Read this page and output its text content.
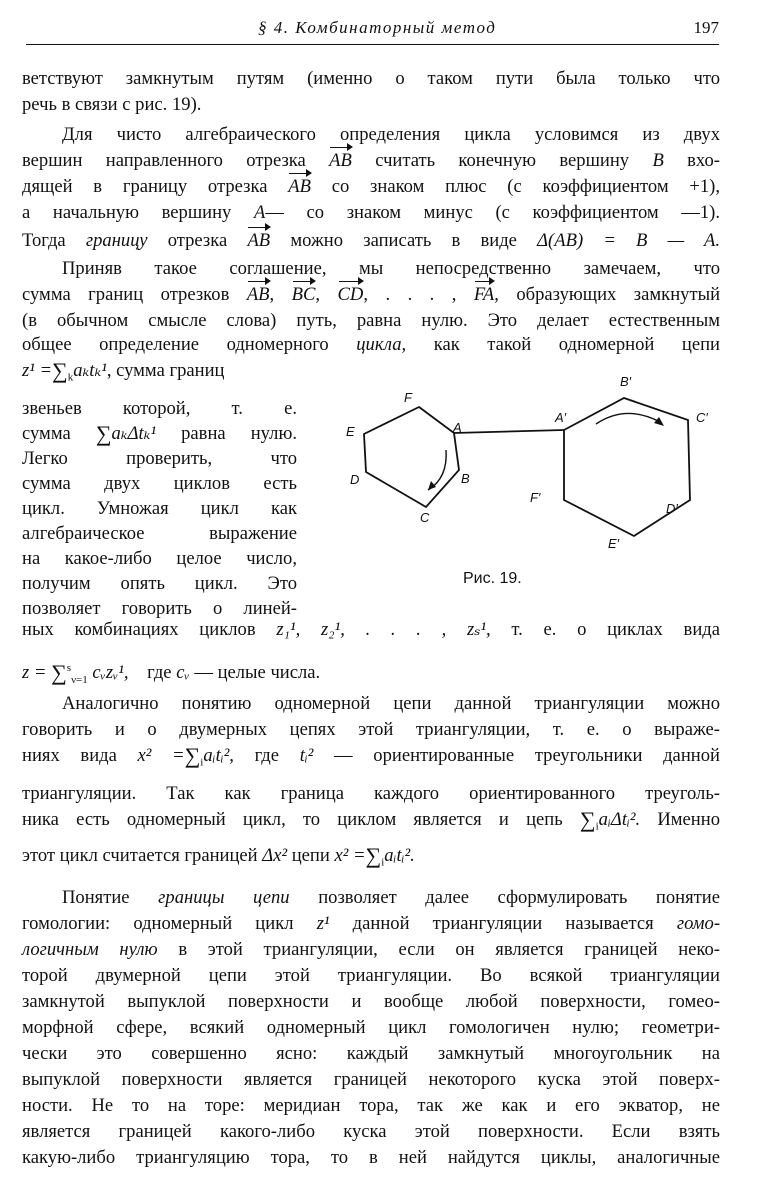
§ 4. Комбинаторный метод	197
ветствуют замкнутым путям (именно о таком пути была только что
речь в связи с рис. 19).
Для чисто алгебраического определения цикла условимся из двух
вершин направленного отрезка AB считать конечную вершину B вхо-
дящей в границу отрезка AB со знаком плюс (с коэффициентом +1),
а начальную вершину A— со знаком минус (с коэффициентом —1).
Тогда границу отрезка AB можно записать в виде Δ(AB) = B — A.
Приняв такое соглашение, мы непосредственно замечаем, что
сумма границ отрезков AB, BC, CD, . . . , FA, образующих замкнутый
(в обычном смысле слова) путь, равна нулю. Это делает естественным
общее определение одномерного цикла, как такой одномерной цепи
$z^1 =\sum_ka_kt_k^1$, сумма границ
звеньев которой, т. е.
сумма ∑aₖΔtₖ¹ равна нулю.
Легко проверить, что
сумма двух циклов есть
цикл. Умножая цикл как
алгебраическое выражение
на какое-либо целое число,
получим опять цикл. Это
позволяет говорить о линей-
F
A
B
C
D
E
A′
B′
C′
D′
E′
F′
Рис. 19.
ных комбинациях циклов z₁¹, z₂¹, . . . , zₛ¹, т. е. о циклах вида
z = ∑$^s_{\nu=1}$ cᵥzᵥ¹, где cᵥ — целые числа.
Аналогично понятию одномерной цепи данной триангуляции можно
говорить и о двумерных цепях этой триангуляции, т. е. о выраже-
ниях вида $x^2 =\sum_iaᵢtᵢ^2$, где tᵢ² — ориентированные треугольники данной
триангуляции. Так как граница каждого ориентированного треуголь-
ника есть одномерный цикл, то циклом является и цепь $\sum_iaᵢ\Delta tᵢ^2$. Именно
этот цикл считается границей Δx² цепи $x^2 =\sum_iaᵢtᵢ^2$.
Понятие границы цепи позволяет далее сформулировать понятие
гомологии: одномерный цикл z¹ данной триангуляции называется гомо-
логичным нулю в этой триангуляции, если он является границей неко-
торой двумерной цепи этой триангуляции. Во всякой триангуляции
замкнутой выпуклой поверхности и вообще любой поверхности, гомео-
морфной сфере, всякий одномерный цикл гомологичен нулю; геометри-
чески это совершенно ясно: каждый замкнутый многоугольник на
выпуклой поверхности является границей некоторого куска этой поверх-
ности. Не то на торе: меридиан тора, так же как и его экватор, не
является границей какого-либо куска этой поверхности. Если взять
какую-либо триангуляцию тора, то в ней найдутся циклы, аналогичные
